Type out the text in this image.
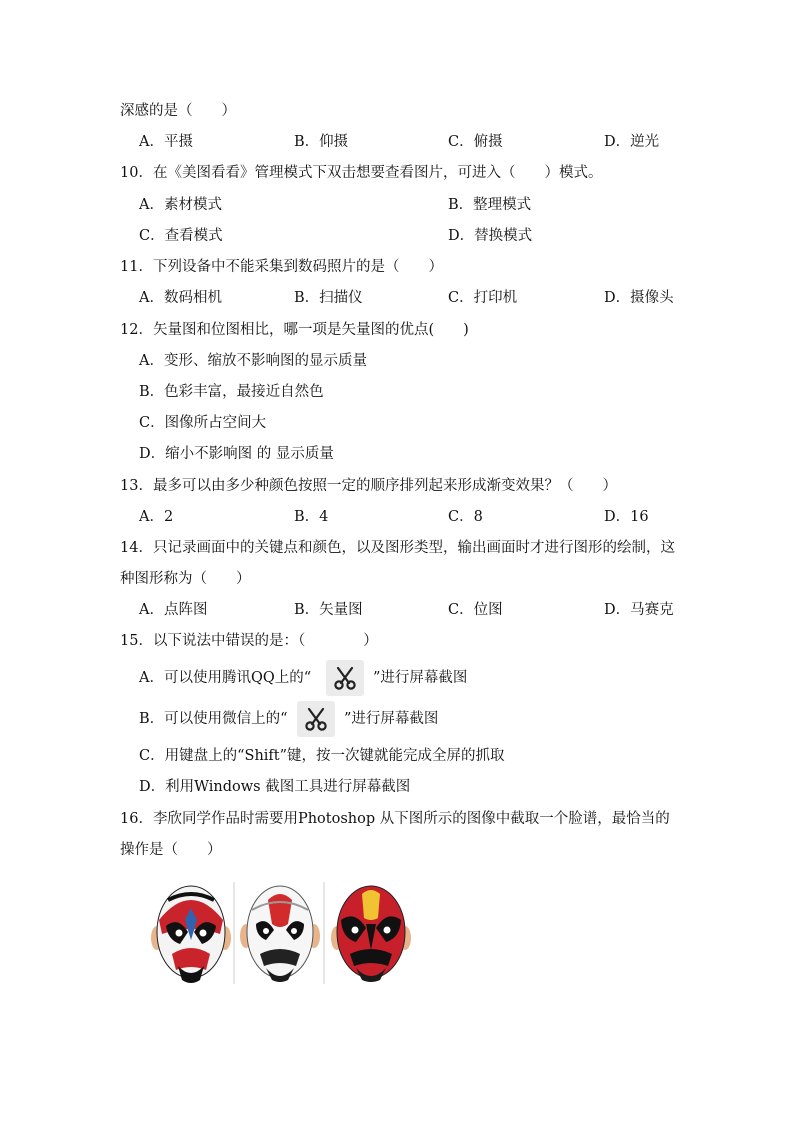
深感的是（　　）
A．平摄	B．仰摄	C．俯摄	D．逆光
10．在《美图看看》管理模式下双击想要查看图片，可进入（　　）模式。
A．素材模式	B．整理模式
C．查看模式	D．替换模式
11．下列设备中不能采集到数码照片的是（　　）
A．数码相机	B．扫描仪	C．打印机	D．摄像头
12．矢量图和位图相比，哪一项是矢量图的优点(　　)
A．变形、缩放不影响图的显示质量
B．色彩丰富，最接近自然色
C．图像所占空间大
D．缩小不影响图 的 显示质量
13．最多可以由多少种颜色按照一定的顺序排列起来形成渐变效果？（　　）
A．2	B．4	C．8	D．16
14．只记录画面中的关键点和颜色，以及图形类型，输出画面时才进行图形的绘制，这
种图形称为（　　）
A．点阵图	B．矢量图	C．位图	D．马赛克
15．以下说法中错误的是：（　　　　）
A．可以使用腾讯QQ上的“	”进行屏幕截图
B．可以使用微信上的“	”进行屏幕截图
C．用键盘上的“Shift”键，按一次键就能完成全屏的抓取
D．利用Windows 截图工具进行屏幕截图
16．李欣同学作品时需要用Photoshop 从下图所示的图像中截取一个脸谱，最恰当的
操作是（　　）
